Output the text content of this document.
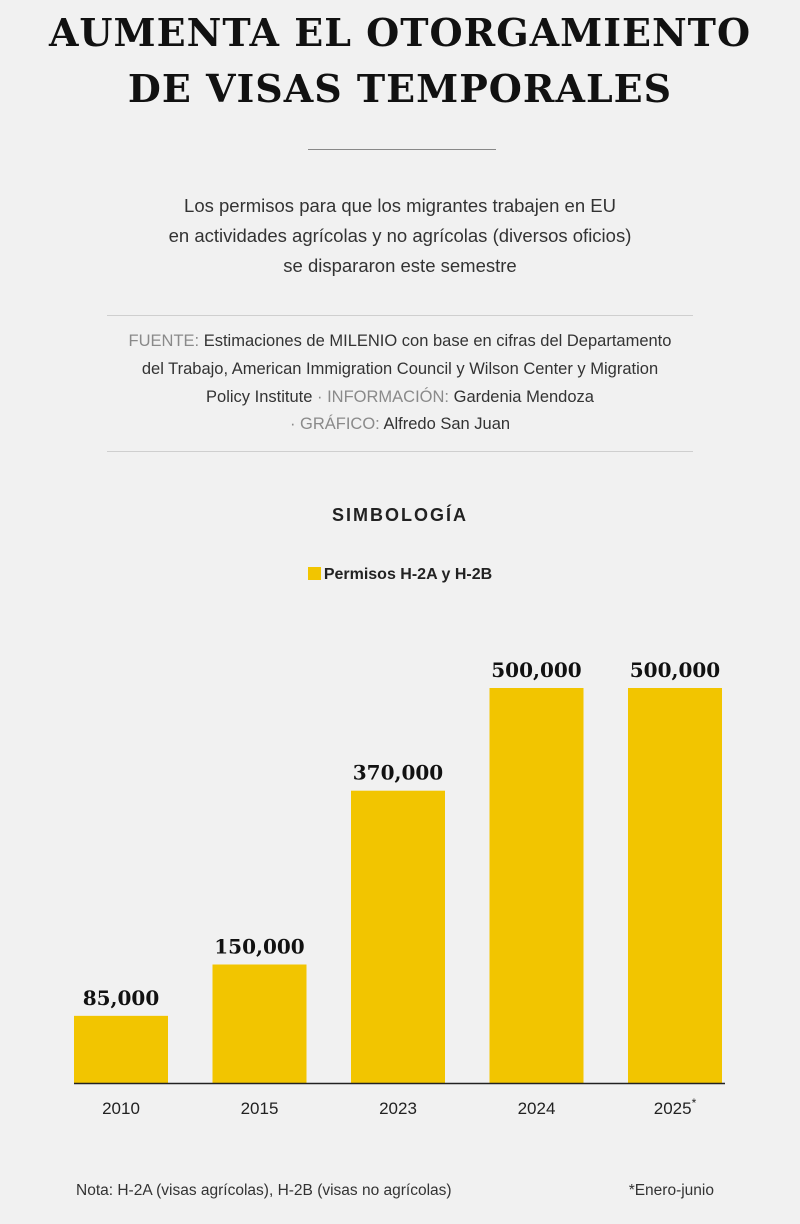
AUMENTA EL OTORGAMIENTO
DE VISAS TEMPORALES
Los permisos para que los migrantes trabajen en EU
en actividades agrícolas y no agrícolas (diversos oficios)
se dispararon este semestre
FUENTE: Estimaciones de MILENIO con base en cifras del Departamento
del Trabajo, American Immigration Council y Wilson Center y Migration
Policy Institute · INFORMACIÓN: Gardenia Mendoza
· GRÁFICO: Alfredo San Juan
SIMBOLOGÍA
Permisos H-2A y H-2B
85,000
2010
150,000
2015
370,000
2023
500,000
2024
500,000
2025*
Nota: H-2A (visas agrícolas), H-2B (visas no agrícolas)	*Enero-junio
